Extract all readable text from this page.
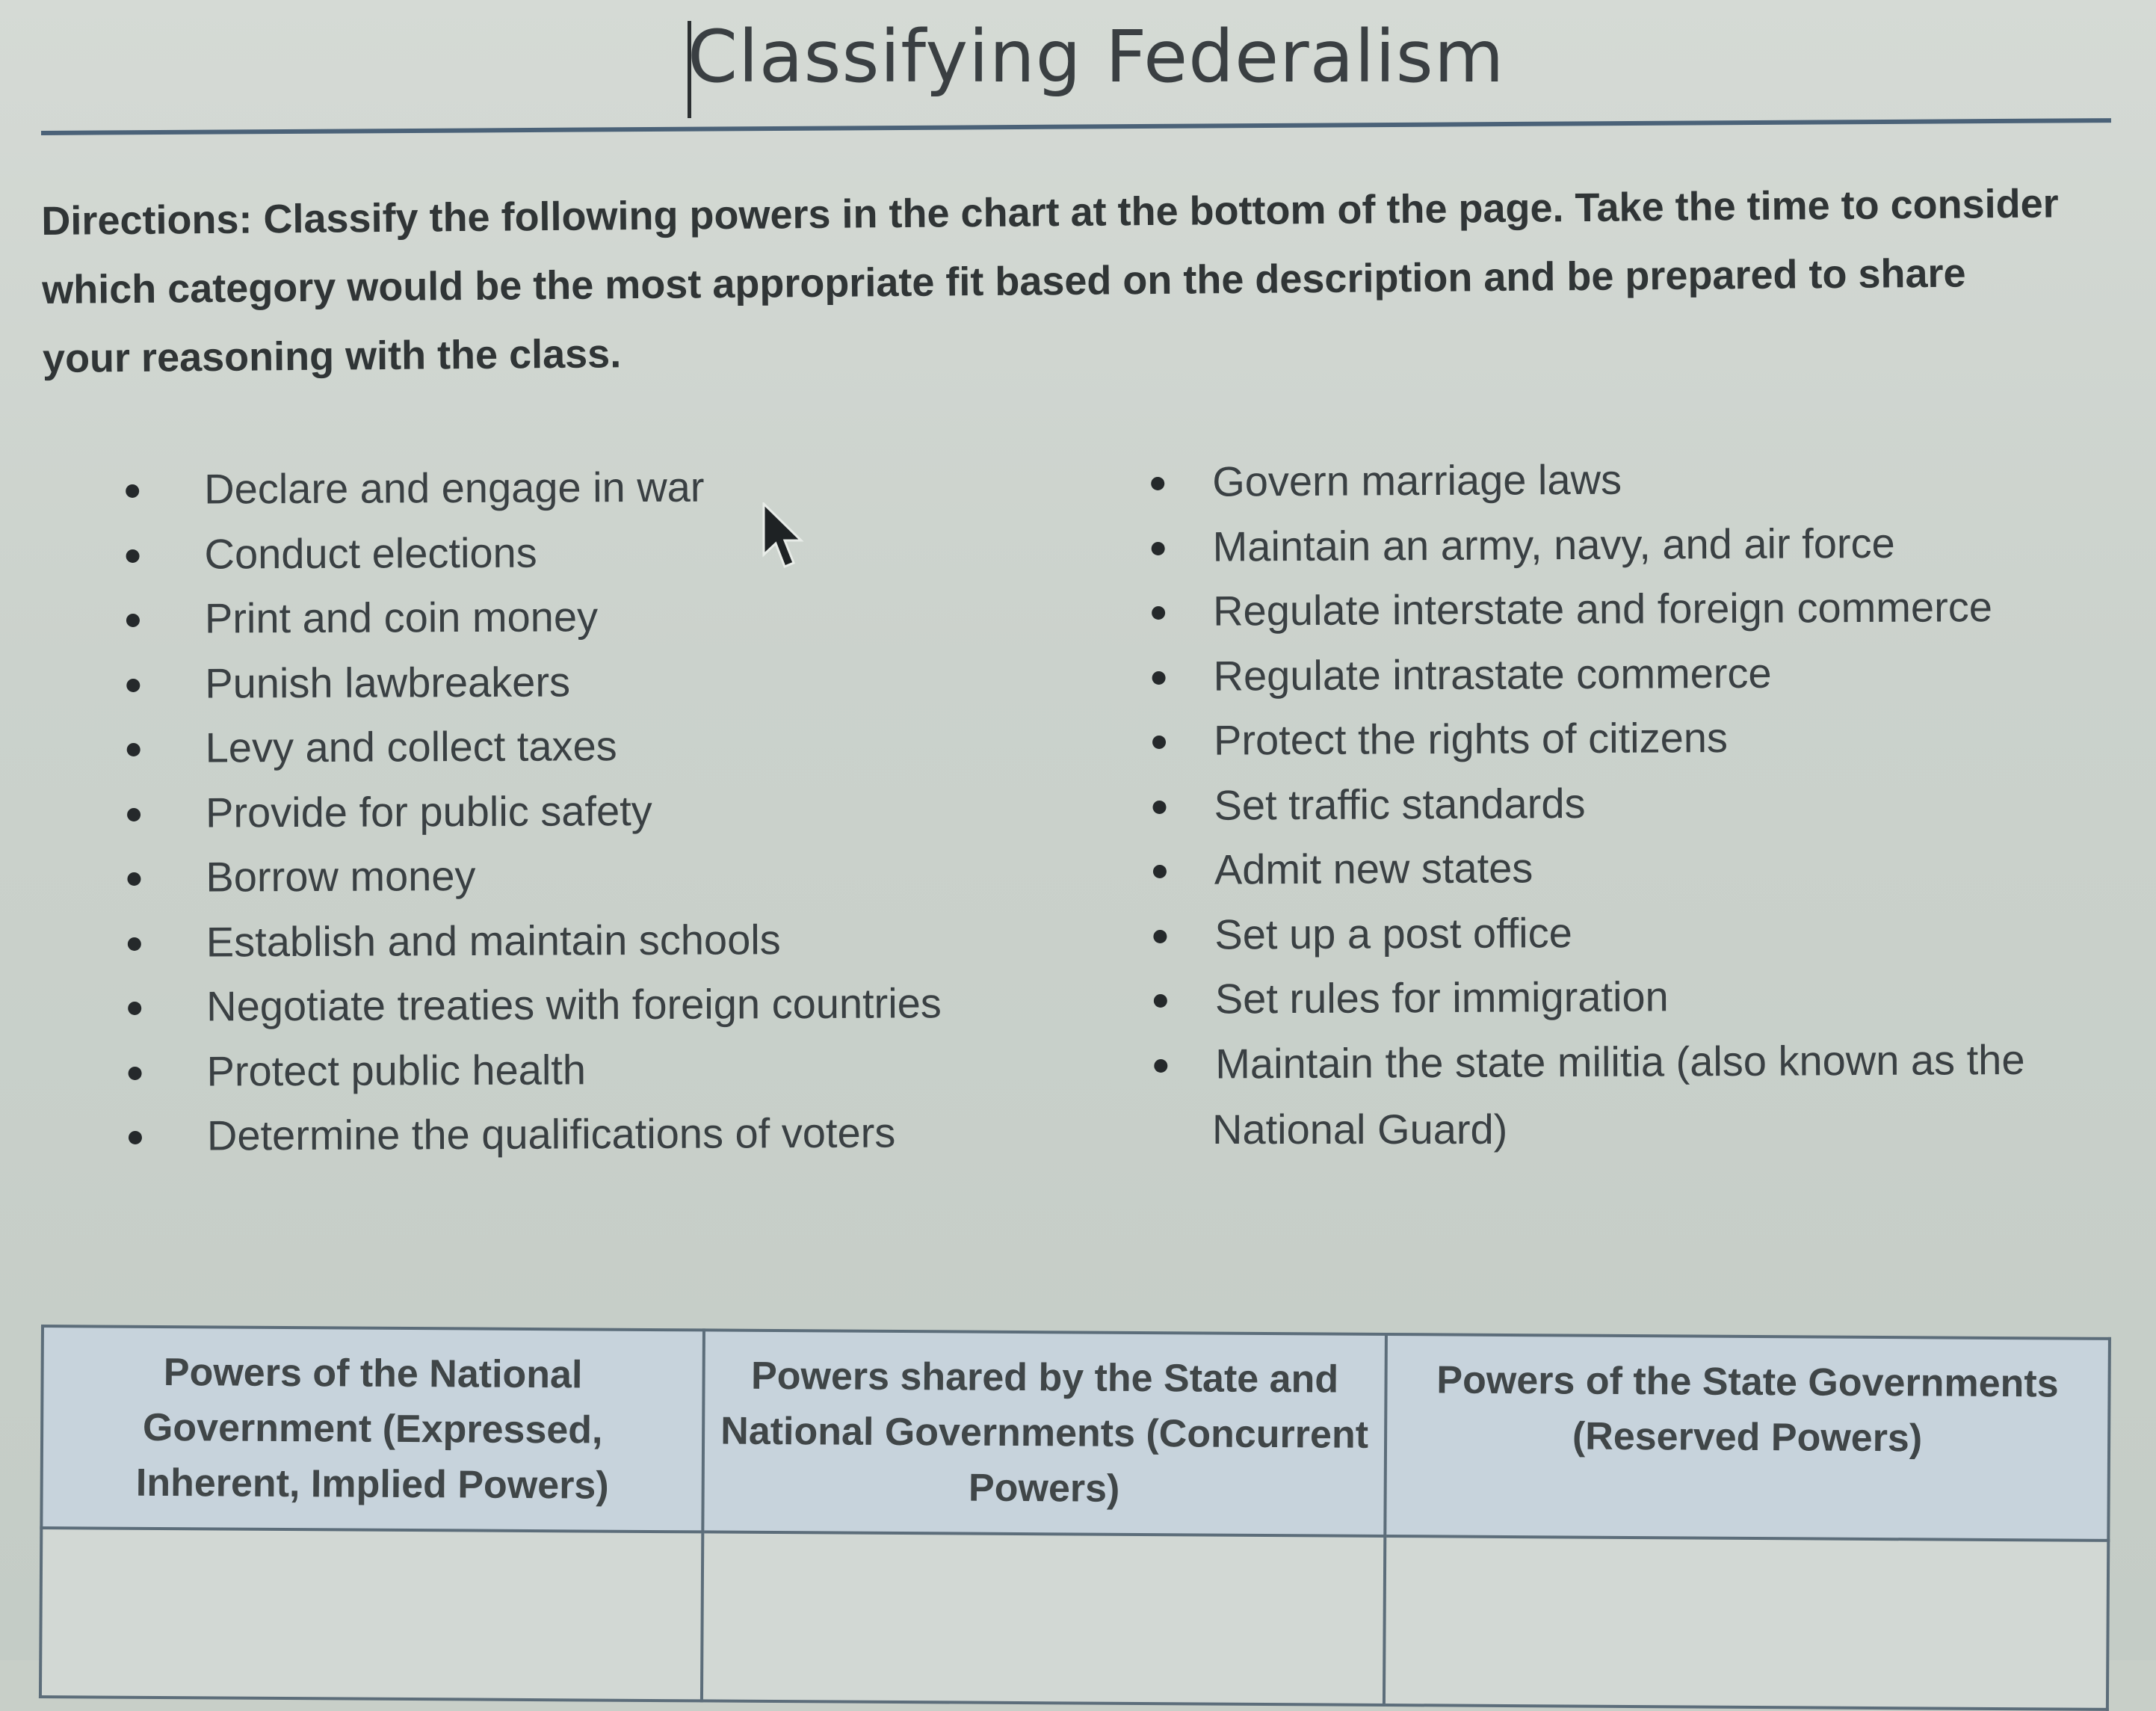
Classifying Federalism
Directions: Classify the following powers in the chart at the bottom of the page. Take the time to consider which category would be the most appropriate fit based on the description and be prepared to share your reasoning with the class.
Declare and engage in war
Conduct elections
Print and coin money
Punish lawbreakers
Levy and collect taxes
Provide for public safety
Borrow money
Establish and maintain schools
Negotiate treaties with foreign countries
Protect public health
Determine the qualifications of voters
Govern marriage laws
Maintain an army, navy, and air force
Regulate interstate and foreign commerce
Regulate intrastate commerce
Protect the rights of citizens
Set traffic standards
Admit new states
Set up a post office
Set rules for immigration
Maintain the state militia (also known as the
National Guard)
Powers of the National Government (Expressed, Inherent, Implied Powers)	Powers shared by the State and National Governments (Concurrent Powers)	Powers of the State Governments (Reserved Powers)
